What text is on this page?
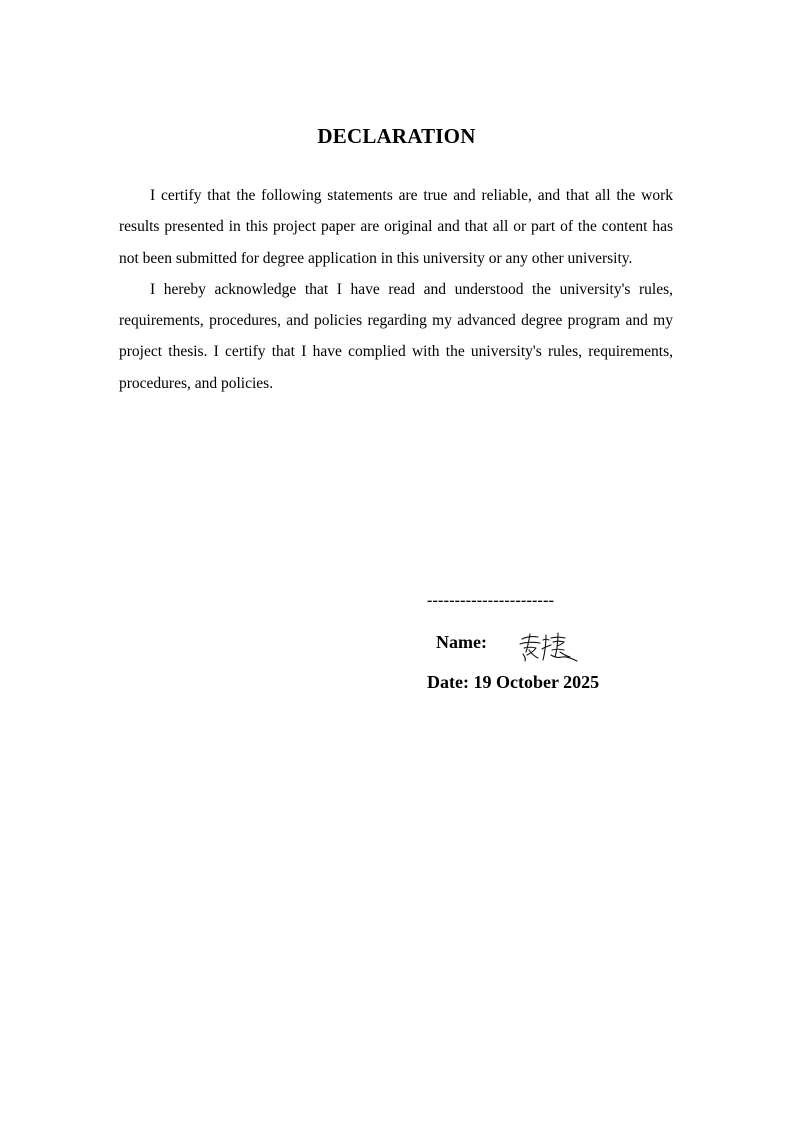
DECLARATION

I certify that the following statements are true and reliable, and that all the work results presented in this project paper are original and that all or part of the content has not been submitted for degree application in this university or any other university.

I hereby acknowledge that I have read and understood the university's rules, requirements, procedures, and policies regarding my advanced degree program and my project thesis. I certify that I have complied with the university's rules, requirements, procedures, and policies.

-----------------------
Name:
Date: 19 October 2025
